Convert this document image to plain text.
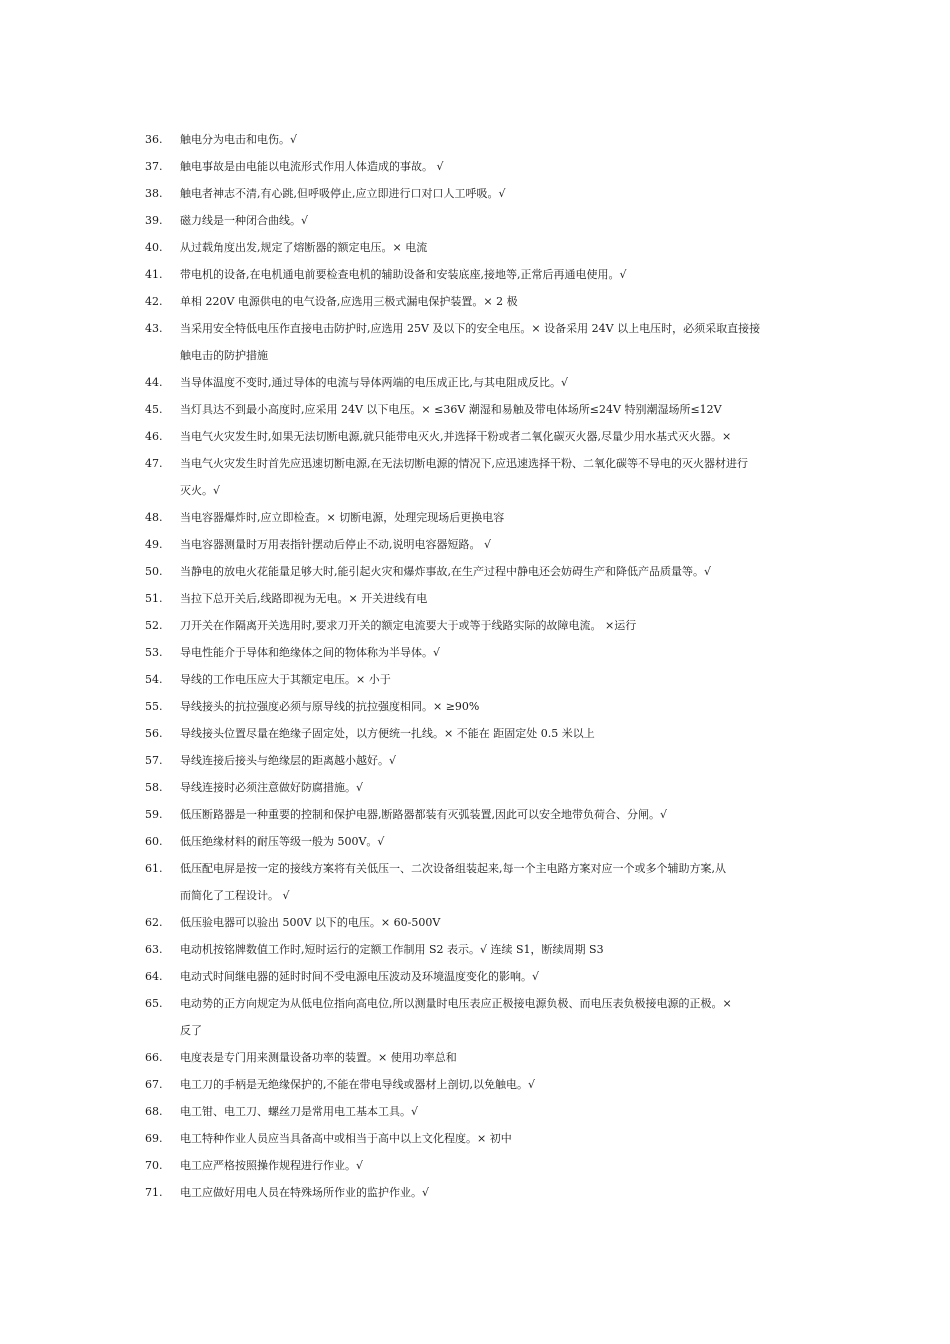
36.	触电分为电击和电伤。√
37.	触电事故是由电能以电流形式作用人体造成的事故。 √
38.	触电者神志不清,有心跳,但呼吸停止,应立即进行口对口人工呼吸。√
39.	磁力线是一种闭合曲线。√
40.	从过载角度出发,规定了熔断器的额定电压。× 电流
41.	带电机的设备,在电机通电前要检查电机的辅助设备和安装底座,接地等,正常后再通电使用。√
42.	单相 220V 电源供电的电气设备,应选用三极式漏电保护装置。× 2 极
43.	当采用安全特低电压作直接电击防护时,应选用 25V 及以下的安全电压。× 设备采用 24V 以上电压时，必须采取直接接
触电击的防护措施
44.	当导体温度不变时,通过导体的电流与导体两端的电压成正比,与其电阻成反比。√
45.	当灯具达不到最小高度时,应采用 24V 以下电压。× ≤36V 潮湿和易触及带电体场所≤24V 特别潮湿场所≤12V
46.	当电气火灾发生时,如果无法切断电源,就只能带电灭火,并选择干粉或者二氧化碳灭火器,尽量少用水基式灭火器。×
47.	当电气火灾发生时首先应迅速切断电源,在无法切断电源的情况下,应迅速选择干粉、二氧化碳等不导电的灭火器材进行
灭火。√
48.	当电容器爆炸时,应立即检查。× 切断电源，处理完现场后更换电容
49.	当电容器测量时万用表指针摆动后停止不动,说明电容器短路。 √
50.	当静电的放电火花能量足够大时,能引起火灾和爆炸事故,在生产过程中静电还会妨碍生产和降低产品质量等。√
51.	当拉下总开关后,线路即视为无电。× 开关进线有电
52.	刀开关在作隔离开关选用时,要求刀开关的额定电流要大于或等于线路实际的故障电流。 ×运行
53.	导电性能介于导体和绝缘体之间的物体称为半导体。√
54.	导线的工作电压应大于其额定电压。× 小于
55.	导线接头的抗拉强度必须与原导线的抗拉强度相同。× ≥90%
56.	导线接头位置尽量在绝缘子固定处，以方便统一扎线。× 不能在 距固定处 0.5 米以上
57.	导线连接后接头与绝缘层的距离越小越好。√
58.	导线连接时必须注意做好防腐措施。√
59.	低压断路器是一种重要的控制和保护电器,断路器都装有灭弧装置,因此可以安全地带负荷合、分闸。√
60.	低压绝缘材料的耐压等级一般为 500V。√
61.	低压配电屏是按一定的接线方案将有关低压一、二次设备组装起来,每一个主电路方案对应一个或多个辅助方案,从
而简化了工程设计。 √
62.	低压验电器可以验出 500V 以下的电压。× 60-500V
63.	电动机按铭牌数值工作时,短时运行的定额工作制用 S2 表示。√ 连续 S1，断续周期 S3
64.	电动式时间继电器的延时时间不受电源电压波动及环境温度变化的影响。√
65.	电动势的正方向规定为从低电位指向高电位,所以测量时电压表应正极接电源负极、而电压表负极接电源的正极。×
反了
66.	电度表是专门用来测量设备功率的装置。× 使用功率总和
67.	电工刀的手柄是无绝缘保护的,不能在带电导线或器材上剖切,以免触电。√
68.	电工钳、电工刀、螺丝刀是常用电工基本工具。√
69.	电工特种作业人员应当具备高中或相当于高中以上文化程度。× 初中
70.	电工应严格按照操作规程进行作业。√
71.	电工应做好用电人员在特殊场所作业的监护作业。√
